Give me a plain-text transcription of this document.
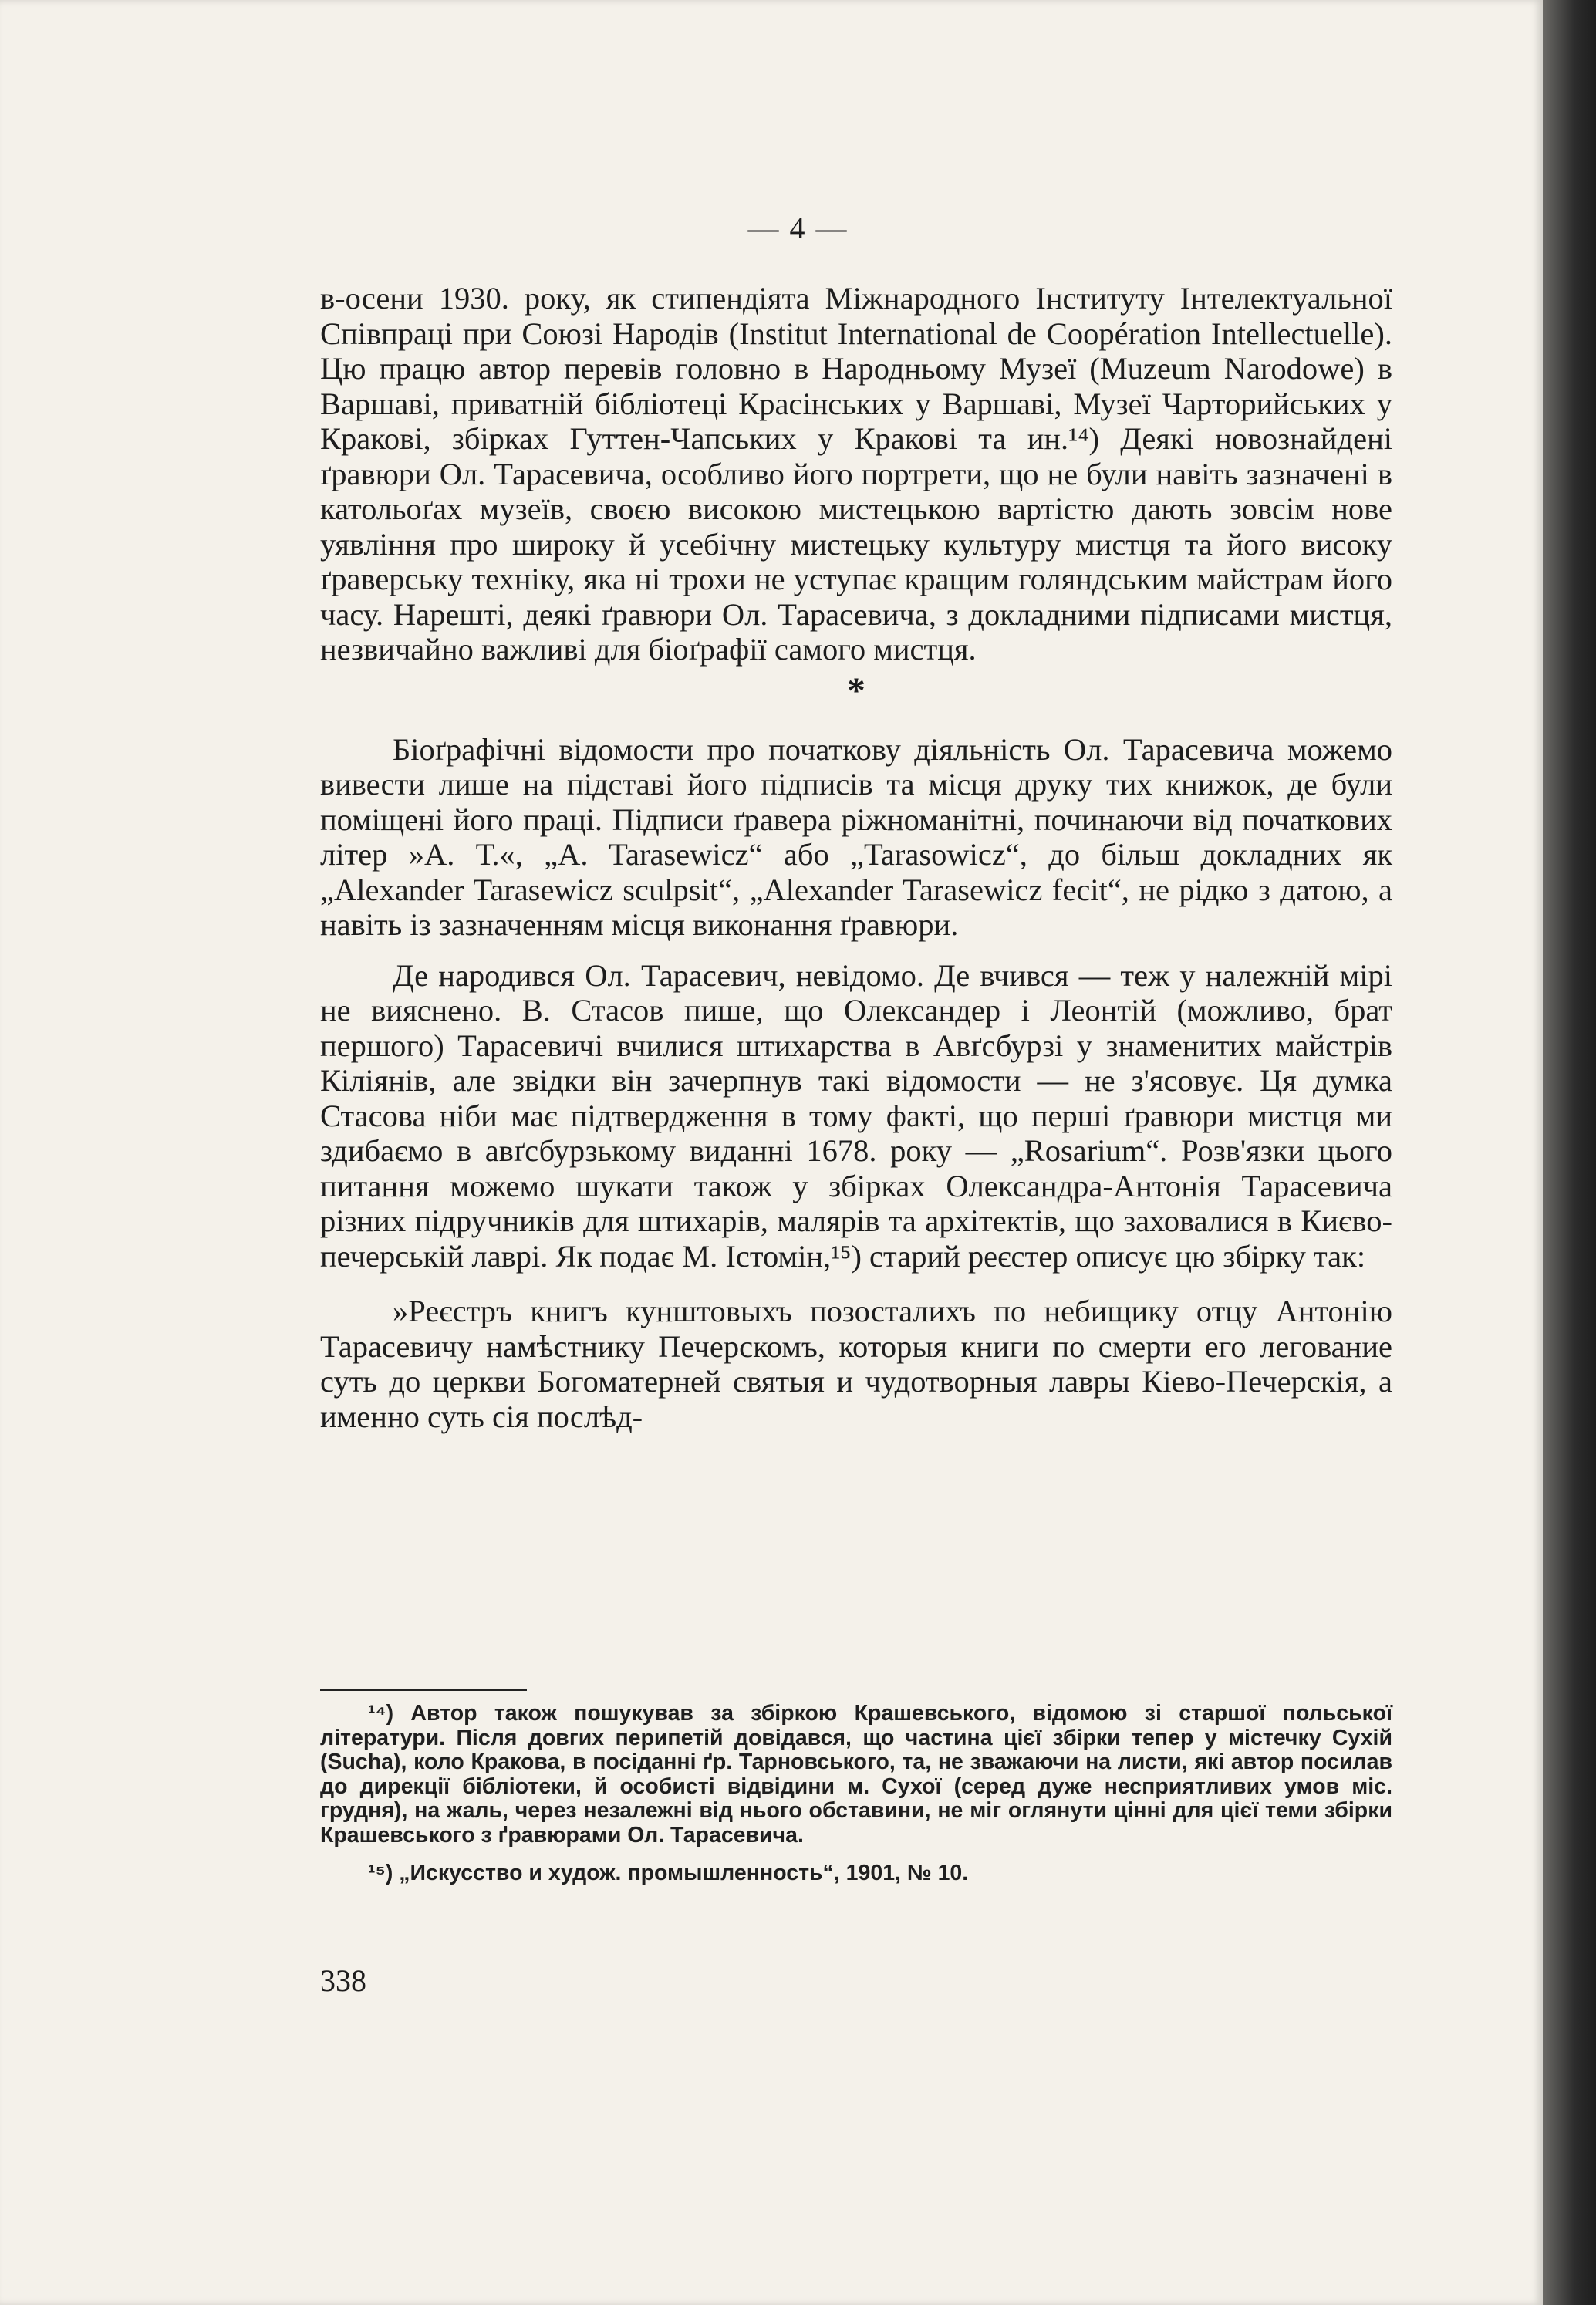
— 4 —

в-осени 1930. року, як стипендіята Міжнародного Інституту Інтелектуальної Співпраці при Союзі Народів (Institut International de Coopération Intellectuelle). Цю працю автор перевів головно в Народньому Музеї (Muzeum Narodowe) в Варшаві, приватній бібліотеці Красінських у Варшаві, Музеї Чарторийських у Кракові, збірках Гуттен-Чапських у Кракові та ин.¹⁴) Деякі новознайдені ґравюри Ол. Тарасевича, особливо його портрети, що не були навіть зазначені в катольоґах музеїв, своєю високою мистецькою вартістю дають зовсім нове уявління про широку й усебічну мистецьку культуру мистця та його високу ґраверську техніку, яка ні трохи не уступає кращим голяндським майстрам його часу. Нарешті, деякі ґравюри Ол. Тарасевича, з докладними підписами мистця, незвичайно важливі для біоґрафії самого мистця.

*

Біоґрафічні відомости про початкову діяльність Ол. Тарасевича можемо вивести лише на підставі його підписів та місця друку тих книжок, де були поміщені його праці. Підписи ґравера ріжноманітні, починаючи від початкових літер »А. Т.«, „A. Tarasewicz“ або „Tarasowicz“, до більш докладних як „Alexander Tarasewicz sculpsit“, „Alexander Tarasewicz fecit“, не рідко з датою, а навіть із зазначенням місця виконання ґравюри.

Де народився Ол. Тарасевич, невідомо. Де вчився — теж у належній мірі не вияснено. В. Стасов пише, що Олександер і Леонтій (можливо, брат першого) Тарасевичі вчилися штихарства в Авґсбурзі у знаменитих майстрів Кіліянів, але звідки він зачерпнув такі відомости — не з'ясовує. Ця думка Стасова ніби має підтвердження в тому факті, що перші ґравюри мистця ми здибаємо в авґсбурзькому виданні 1678. року — „Rosarium“. Розв'язки цього питання можемо шукати також у збірках Олександра-Антонія Тарасевича різних підручників для штихарів, малярів та архітектів, що заховалися в Києво-печерській лаврі. Як подає М. Істомін,¹⁵) старий реєстер описує цю збірку так:

»Реєстръ книгъ кунштовыхъ позосталихъ по небищику отцу Антонію Тарасевичу намѣстнику Печерскомъ, которыя книги по смерти его легование суть до церкви Богоматерней святыя и чудотворныя лавры Кіево-Печерскія, а именно суть сія послѣд-

¹⁴) Автор також пошукував за збіркою Крашевського, відомою зі старшої польської літератури. Після довгих перипетій довідався, що частина цієї збірки тепер у містечку Сухій (Sucha), коло Кракова, в посіданні ґр. Тарновського, та, не зважаючи на листи, які автор посилав до дирекції бібліотеки, й особисті відвідини м. Сухої (серед дуже несприятливих умов міс. грудня), на жаль, через незалежні від нього обставини, не міг оглянути цінні для цієї теми збірки Крашевського з ґравюрами Ол. Тарасевича.

¹⁵) „Искусство и худож. промышленность“, 1901, № 10.

338
